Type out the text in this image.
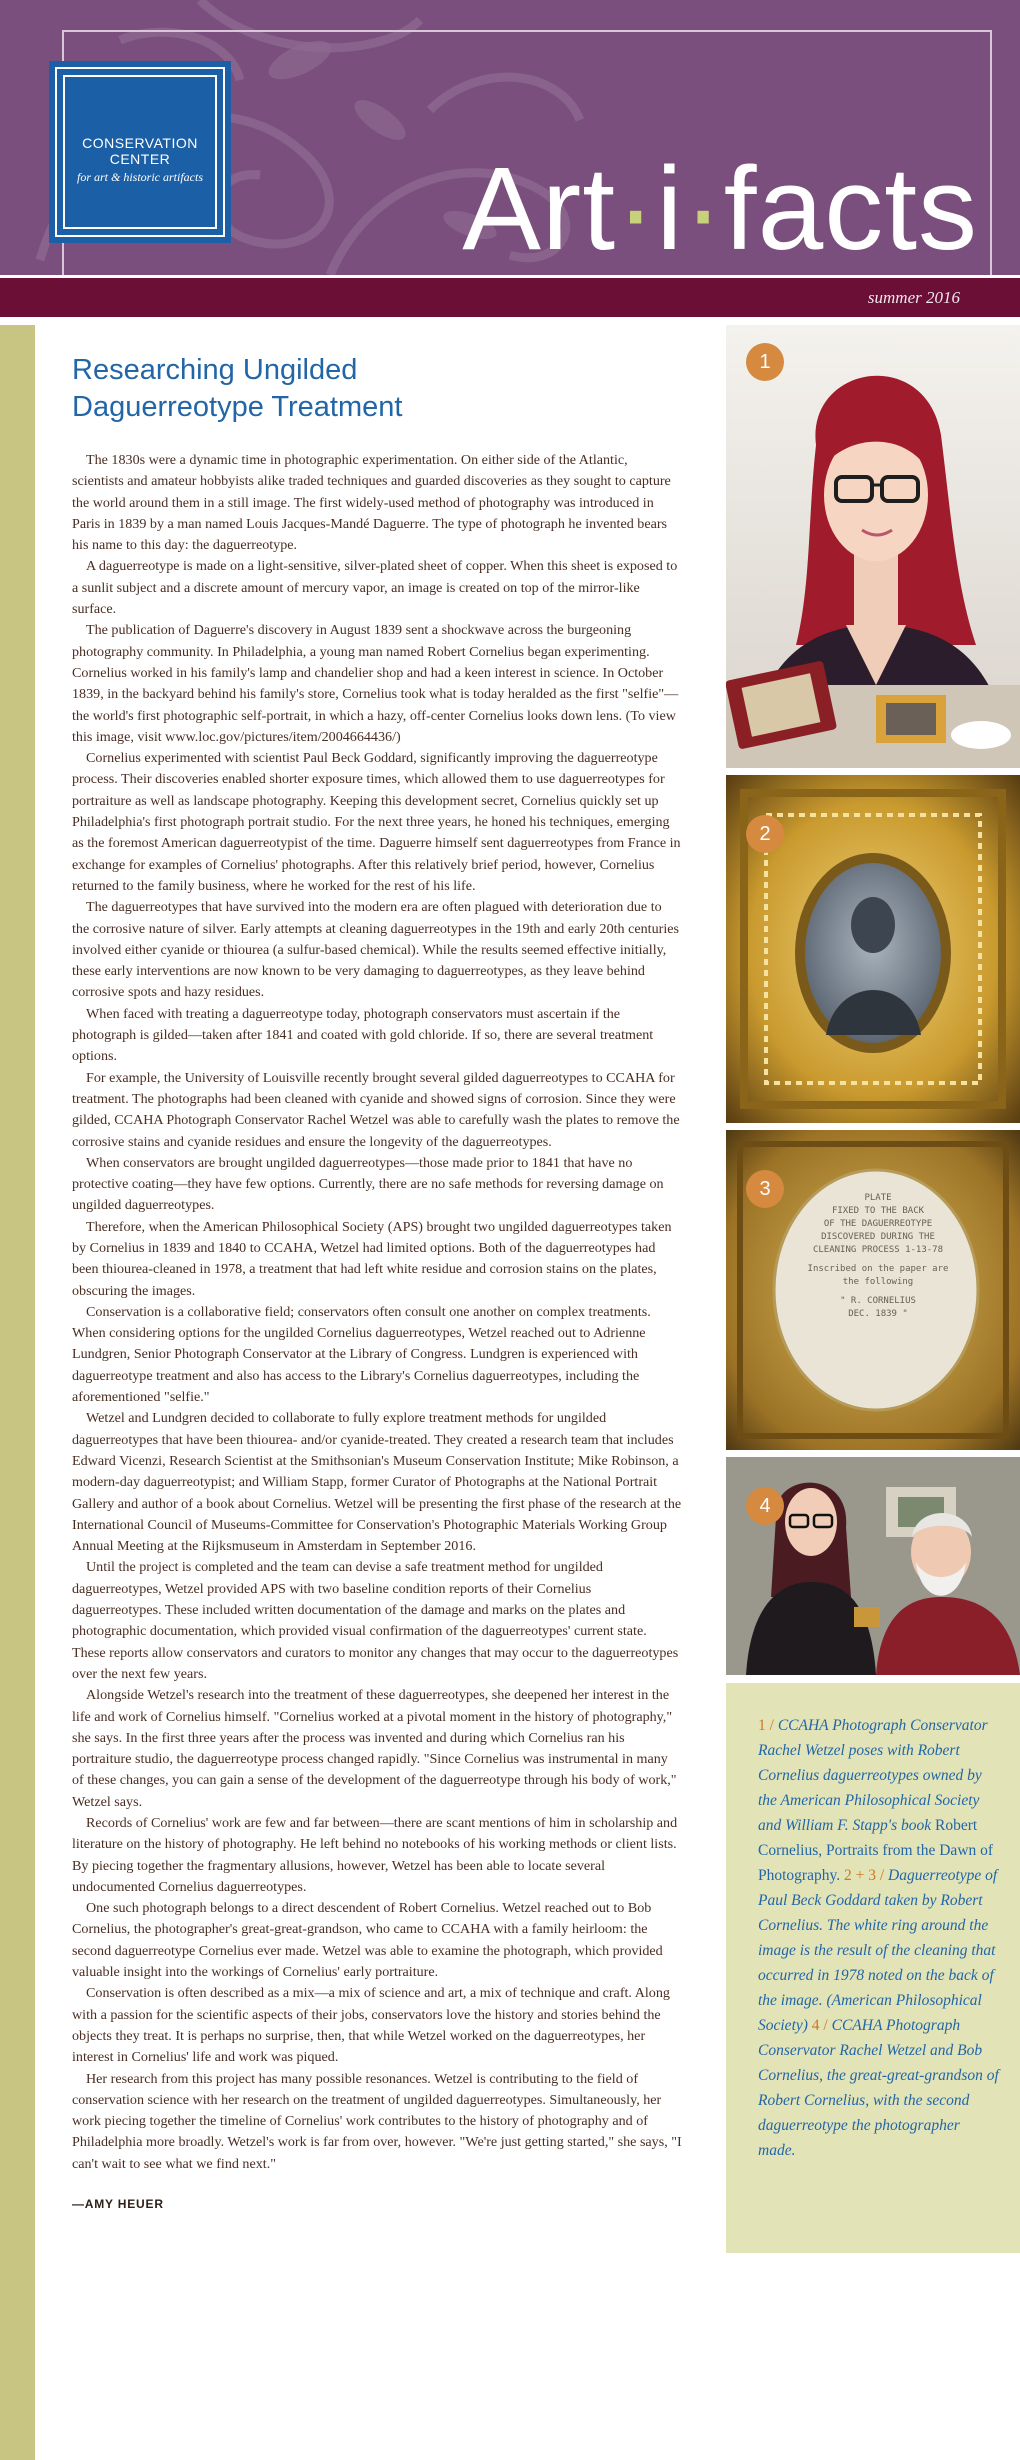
CONSERVATION
CENTER
for art & historic artifacts Art·i·facts
summer 2016
Researching Ungilded
Daguerreotype Treatment

The 1830s were a dynamic time in photographic experimentation. On either side of the Atlantic, scientists and amateur hobbyists alike traded techniques and guarded discoveries as they sought to capture the world around them in a still image. The first widely-used method of photography was introduced in Paris in 1839 by a man named Louis Jacques-Mandé Daguerre. The type of photograph he invented bears his name to this day: the daguerreotype.

A daguerreotype is made on a light-sensitive, silver-plated sheet of copper. When this sheet is exposed to a sunlit subject and a discrete amount of mercury vapor, an image is created on top of the mirror-like surface.

The publication of Daguerre's discovery in August 1839 sent a shockwave across the burgeoning photography community. In Philadelphia, a young man named Robert Cornelius began experimenting. Cornelius worked in his family's lamp and chandelier shop and had a keen interest in science. In October 1839, in the backyard behind his family's store, Cornelius took what is today heralded as the first "selfie"—the world's first photographic self-portrait, in which a hazy, off-center Cornelius looks down lens. (To view this image, visit www.loc.gov/pictures/item/2004664436/)

Cornelius experimented with scientist Paul Beck Goddard, significantly improving the daguerreotype process. Their discoveries enabled shorter exposure times, which allowed them to use daguerreotypes for portraiture as well as landscape photography. Keeping this development secret, Cornelius quickly set up Philadelphia's first photograph portrait studio. For the next three years, he honed his techniques, emerging as the foremost American daguerreotypist of the time. Daguerre himself sent daguerreotypes from France in exchange for examples of Cornelius' photographs. After this relatively brief period, however, Cornelius returned to the family business, where he worked for the rest of his life.

The daguerreotypes that have survived into the modern era are often plagued with deterioration due to the corrosive nature of silver. Early attempts at cleaning daguerreotypes in the 19th and early 20th centuries involved either cyanide or thiourea (a sulfur-based chemical). While the results seemed effective initially, these early interventions are now known to be very damaging to daguerreotypes, as they leave behind corrosive spots and hazy residues.

When faced with treating a daguerreotype today, photograph conservators must ascertain if the photograph is gilded—taken after 1841 and coated with gold chloride. If so, there are several treatment options.

For example, the University of Louisville recently brought several gilded daguerreotypes to CCAHA for treatment. The photographs had been cleaned with cyanide and showed signs of corrosion. Since they were gilded, CCAHA Photograph Conservator Rachel Wetzel was able to carefully wash the plates to remove the corrosive stains and cyanide residues and ensure the longevity of the daguerreotypes.

When conservators are brought ungilded daguerreotypes—those made prior to 1841 that have no protective coating—they have few options. Currently, there are no safe methods for reversing damage on ungilded daguerreotypes.

Therefore, when the American Philosophical Society (APS) brought two ungilded daguerreotypes taken by Cornelius in 1839 and 1840 to CCAHA, Wetzel had limited options. Both of the daguerreotypes had been thiourea-cleaned in 1978, a treatment that had left white residue and corrosion stains on the plates, obscuring the images.

Conservation is a collaborative field; conservators often consult one another on complex treatments. When considering options for the ungilded Cornelius daguerreotypes, Wetzel reached out to Adrienne Lundgren, Senior Photograph Conservator at the Library of Congress. Lundgren is experienced with daguerreotype treatment and also has access to the Library's Cornelius daguerreotypes, including the aforementioned "selfie."

Wetzel and Lundgren decided to collaborate to fully explore treatment methods for ungilded daguerreotypes that have been thiourea- and/or cyanide-treated. They created a research team that includes Edward Vicenzi, Research Scientist at the Smithsonian's Museum Conservation Institute; Mike Robinson, a modern-day daguerreotypist; and William Stapp, former Curator of Photographs at the National Portrait Gallery and author of a book about Cornelius. Wetzel will be presenting the first phase of the research at the International Council of Museums-Committee for Conservation's Photographic Materials Working Group Annual Meeting at the Rijksmuseum in Amsterdam in September 2016.

Until the project is completed and the team can devise a safe treatment method for ungilded daguerreotypes, Wetzel provided APS with two baseline condition reports of their Cornelius daguerreotypes. These included written documentation of the damage and marks on the plates and photographic documentation, which provided visual confirmation of the daguerreotypes' current state. These reports allow conservators and curators to monitor any changes that may occur to the daguerreotypes over the next few years.

Alongside Wetzel's research into the treatment of these daguerreotypes, she deepened her interest in the life and work of Cornelius himself. "Cornelius worked at a pivotal moment in the history of photography," she says. In the first three years after the process was invented and during which Cornelius ran his portraiture studio, the daguerreotype process changed rapidly. "Since Cornelius was instrumental in many of these changes, you can gain a sense of the development of the daguerreotype through his body of work," Wetzel says.

Records of Cornelius' work are few and far between—there are scant mentions of him in scholarship and literature on the history of photography. He left behind no notebooks of his working methods or client lists. By piecing together the fragmentary allusions, however, Wetzel has been able to locate several undocumented Cornelius daguerreotypes.

One such photograph belongs to a direct descendent of Robert Cornelius. Wetzel reached out to Bob Cornelius, the photographer's great-great-grandson, who came to CCAHA with a family heirloom: the second daguerreotype Cornelius ever made. Wetzel was able to examine the photograph, which provided valuable insight into the workings of Cornelius' early portraiture.

Conservation is often described as a mix—a mix of science and art, a mix of technique and craft. Along with a passion for the scientific aspects of their jobs, conservators love the history and stories behind the objects they treat. It is perhaps no surprise, then, that while Wetzel worked on the daguerreotypes, her interest in Cornelius' life and work was piqued.

Her research from this project has many possible resonances. Wetzel is contributing to the field of conservation science with her research on the treatment of ungilded daguerreotypes. Simultaneously, her work piecing together the timeline of Cornelius' work contributes to the history of photography and of Philadelphia more broadly. Wetzel's work is far from over, however. "We're just getting started," she says, "I can't wait to see what we find next."

—AMY HEUER
1
2
PLATE
FIXED TO THE BACK
OF THE DAGUERREOTYPE
DISCOVERED DURING THE
CLEANING PROCESS 1-13-78
Inscribed on the paper are
the following
" R. CORNELIUS
DEC. 1839 "
3
4

1 / CCAHA Photograph Conservator Rachel Wetzel poses with Robert Cornelius daguerreotypes owned by the American Philosophical Society and William F. Stapp's book Robert Cornelius, Portraits from the Dawn of Photography. 2 + 3 / Daguerreotype of Paul Beck Goddard taken by Robert Cornelius. The white ring around the image is the result of the cleaning that occurred in 1978 noted on the back of the image. (American Philosophical Society) 4 / CCAHA Photograph Conservator Rachel Wetzel and Bob Cornelius, the great-great-grandson of Robert Cornelius, with the second daguerreotype the photographer made.
